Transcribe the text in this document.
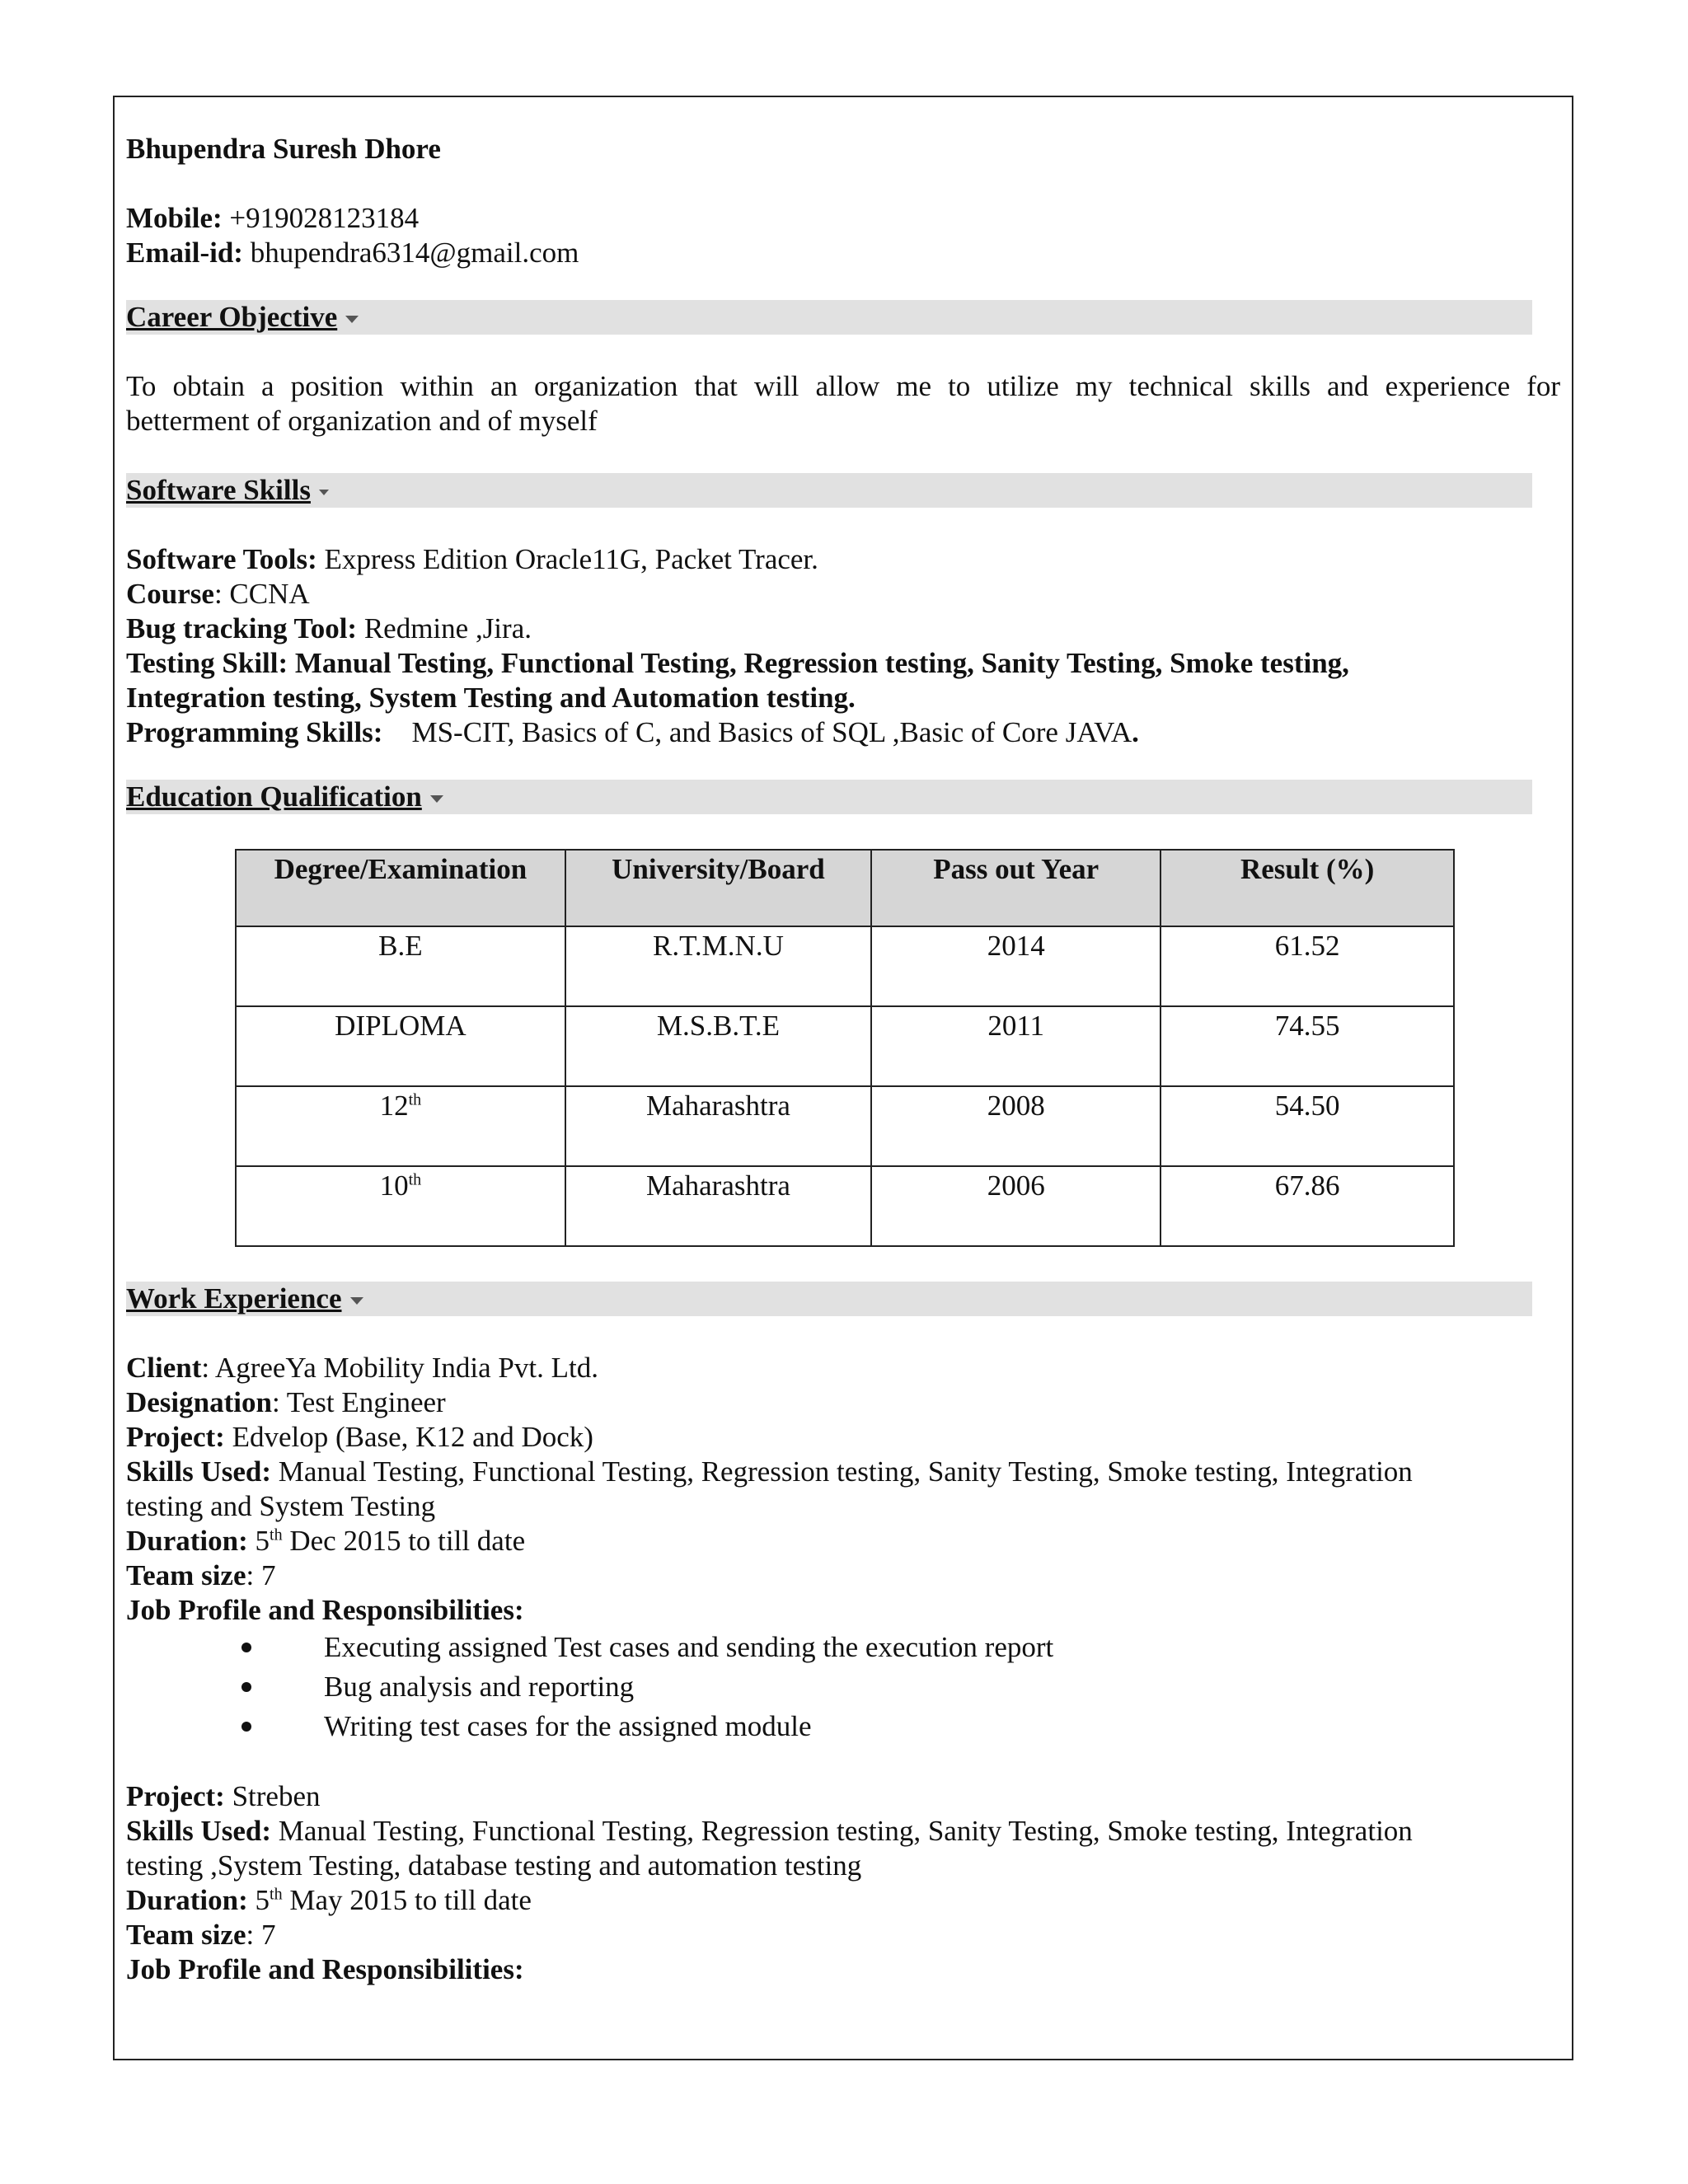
Bhupendra Suresh Dhore

Mobile: +919028123184

Email-id: bhupendra6314@gmail.com

Career Objective

To obtain a position within an organization that will allow me to utilize my technical skills and experience for

betterment of organization and of myself

Software Skills

Software Tools: Express Edition Oracle11G, Packet Tracer.

Course: CCNA

Bug tracking Tool: Redmine ,Jira.

Testing Skill: Manual Testing, Functional Testing, Regression testing, Sanity Testing, Smoke testing,

Integration testing, System Testing and Automation testing.

Programming Skills: MS-CIT, Basics of C, and Basics of SQL ,Basic of Core JAVA.

Education Qualification
Degree/Examination	University/Board	Pass out Year	Result (%)
B.E	R.T.M.N.U	2014	61.52
DIPLOMA	M.S.B.T.E	2011	74.55
12th	Maharashtra	2008	54.50
10th	Maharashtra	2006	67.86
Work Experience

Client: AgreeYa Mobility India Pvt. Ltd.

Designation: Test Engineer

Project: Edvelop (Base, K12 and Dock)

Skills Used: Manual Testing, Functional Testing, Regression testing, Sanity Testing, Smoke testing, Integration

testing and System Testing

Duration: 5th Dec 2015 to till date

Team size: 7

Job Profile and Responsibilities:

Executing assigned Test cases and sending the execution report
Bug analysis and reporting
Writing test cases for the assigned module

Project: Streben

Skills Used: Manual Testing, Functional Testing, Regression testing, Sanity Testing, Smoke testing, Integration

testing ,System Testing, database testing and automation testing

Duration: 5th May 2015 to till date

Team size: 7

Job Profile and Responsibilities:
